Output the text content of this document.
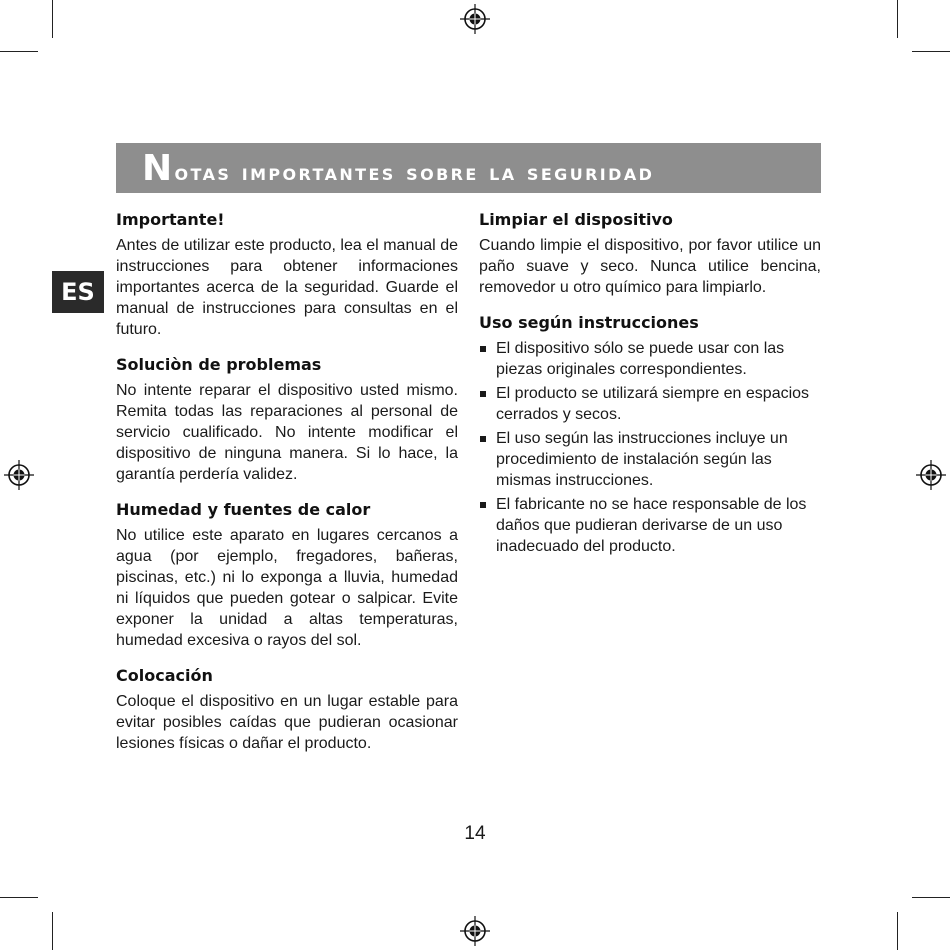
Notas importantes sobre la seguridad
ES
Importante!

Antes de utilizar este producto, lea el manual de instrucciones para obtener informaciones importantes acerca de la seguridad. Guarde el manual de instrucciones para consultas en el futuro.

Soluciòn de problemas

No intente reparar el dispositivo usted mismo. Remita todas las reparaciones al personal de servicio cualificado. No intente modificar el dispositivo de ninguna manera. Si lo hace, la garantía perdería validez.

Humedad y fuentes de calor

No utilice este aparato en lugares cercanos a agua (por ejemplo, fregadores, bañeras, piscinas, etc.) ni lo exponga a lluvia, humedad ni líquidos que pueden gotear o salpicar. Evite exponer la unidad a altas temperaturas, humedad excesiva o rayos del sol.

Colocación

Coloque el dispositivo en un lugar estable para evitar posibles caídas que pudieran ocasionar lesiones físicas o dañar el producto.

Limpiar el dispositivo

Cuando limpie el dispositivo, por favor utilice un paño suave y seco. Nunca utilice bencina, removedor u otro químico para limpiarlo.

Uso según instrucciones
El dispositivo sólo se puede usar con las piezas originales correspondientes.
El producto se utilizará siempre en espacios cerrados y secos.
El uso según las instrucciones incluye un procedimiento de instalación según las mismas instrucciones.
El fabricante no se hace responsable de los daños que pudieran derivarse de un uso inadecuado del producto.
14
